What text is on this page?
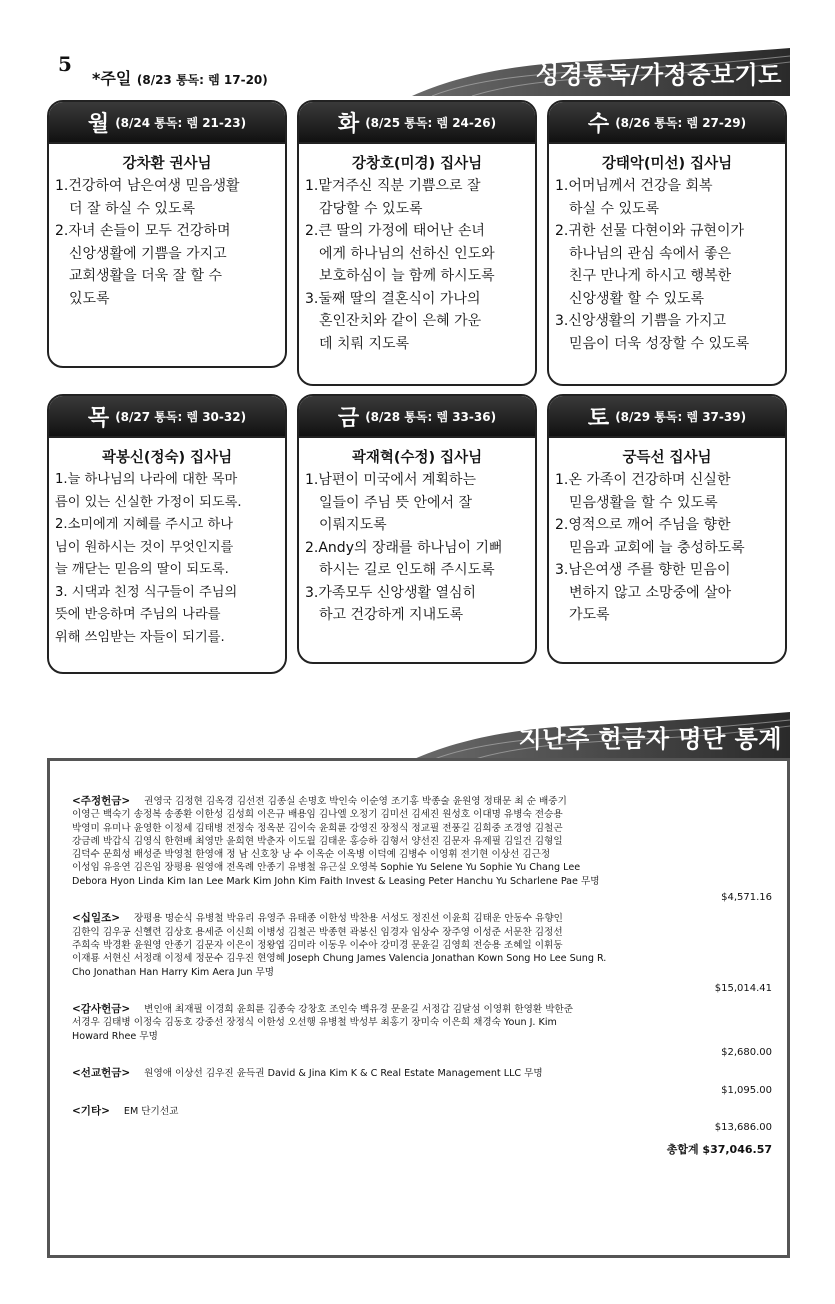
5
*주일 (8/23 통독: 렘 17-20)	성경통독/가정중보기도
월 (8/24 통독: 렘 21-23)
강차환 권사님
1.건강하여 남은여생 믿음생활
더 잘 하실 수 있도록
2.자녀 손들이 모두 건강하며
신앙생활에 기쁨을 가지고
교회생활을 더욱 잘 할 수
있도록
화 (8/25 통독: 렘 24-26)
강창호(미경) 집사님
1.맡겨주신 직분 기쁨으로 잘
감당할 수 있도록
2.큰 딸의 가정에 태어난 손녀
에게 하나님의 선하신 인도와
보호하심이 늘 함께 하시도록
3.둘째 딸의 결혼식이 가나의
혼인잔치와 같이 은혜 가운
데 치뤄 지도록
수 (8/26 통독: 렘 27-29)
강태악(미선) 집사님
1.어머님께서 건강을 회복
하실 수 있도록
2.귀한 선물 다현이와 규현이가
하나님의 관심 속에서 좋은
친구 만나게 하시고 행복한
신앙생활 할 수 있도록
3.신앙생활의 기쁨을 가지고
믿음이 더욱 성장할 수 있도록
목 (8/27 통독: 렘 30-32)
곽봉신(정숙) 집사님
1.늘 하나님의 나라에 대한 목마
름이 있는 신실한 가정이 되도록.
2.소미에게 지혜를 주시고 하나
님이 원하시는 것이 무엇인지를
늘 깨닫는 믿음의 딸이 되도록.
3. 시댁과 친정 식구들이 주님의
뜻에 반응하며 주님의 나라를
위해 쓰임받는 자들이 되기를.
금 (8/28 통독: 렘 33-36)
곽재혁(수정) 집사님
1.남편이 미국에서 계획하는
일들이 주님 뜻 안에서 잘
이뤄지도록
2.Andy의 장래를 하나님이 기뻐
하시는 길로 인도해 주시도록
3.가족모두 신앙생활 열심히
하고 건강하게 지내도록
토 (8/29 통독: 렘 37-39)
궁득선 집사님
1.온 가족이 건강하며 신실한
믿음생활을 할 수 있도록
2.영적으로 깨어 주님을 향한
믿음과 교회에 늘 충성하도록
3.남은여생 주를 향한 믿음이
변하지 않고 소망중에 살아
가도록
지난주 헌금자 명단 통계
<주정헌금> 권영국 김정현 김옥경 김선전 김종실 손명호 박인숙 이순영 조기홍 박종술 윤원영 정태문 최 순 배중기
이영근 백숙기 송정복 송종환 이한성 김성희 이은규 배용임 김나엘 오정기 김미선 김세진 원성호 이대명 유병숙 전승용
박영미 유미나 윤영한 이정세 김태병 전정숙 정옥분 김이숙 윤희륜 강영진 장정식 정교필 전풍길 김희중 조경영 김철곤
강금례 박갑식 김영식 한현배 최영만 윤희현 박춘자 이도월 김태운 홍승하 김형서 양선진 김문자 유제필 김일건 김형일
김덕수 문희성 배성준 박영철 한영애 정 남 신호창 낭 수 이옥순 이옥병 이덕예 김병수 이영휘 전기현 이상선 김근정
이성임 유응연 김은임 장평용 원영애 전옥례 안종기 유병철 유근실 오영복 Sophie Yu Selene Yu Sophie Yu Chang Lee
Debora Hyon Linda Kim Ian Lee Mark Kim John Kim Faith Invest & Leasing Peter Hanchu Yu Scharlene Pae 무명
$4,571.16
<십일조> 장평용 명순식 유병철 박유리 유영주 유태종 이한성 박찬용 서성도 정진선 이윤희 김태운 안동수 유향인
김한익 김우공 신혤련 김상호 용세준 이신희 이병성 김철곤 박종현 곽봉신 임경자 임상수 장주영 이성준 서문찬 김정선
주희숙 박경환 윤원영 안종기 김문자 이은이 정왕엽 김미라 이동우 이수아 강미경 문윤길 김영희 전승용 조혜일 이휘동
이재룡 서현신 서정래 이정세 정문수 김우진 현영혜 Joseph Chung James Valencia Jonathan Kown Song Ho Lee Sung R.
Cho Jonathan Han Harry Kim Aera Jun 무명
$15,014.41
<감사헌금> 변인애 최재필 이경희 윤희륜 김종숙 강창호 조인숙 백유경 문윤길 서정갑 김달섬 이영휘 한영환 박한준
서경우 김태병 이정숙 김동호 강중선 장정식 이한성 오선행 유병철 박성부 최홍기 장미숙 이은희 채경숙 Youn J. Kim
Howard Rhee 무명
$2,680.00
<선교헌금> 원영애 이상선 김우진 윤득권 David & Jina Kim K & C Real Estate Management LLC 무명
$1,095.00
<기타> EM 단기선교
$13,686.00
총합계 $37,046.57
